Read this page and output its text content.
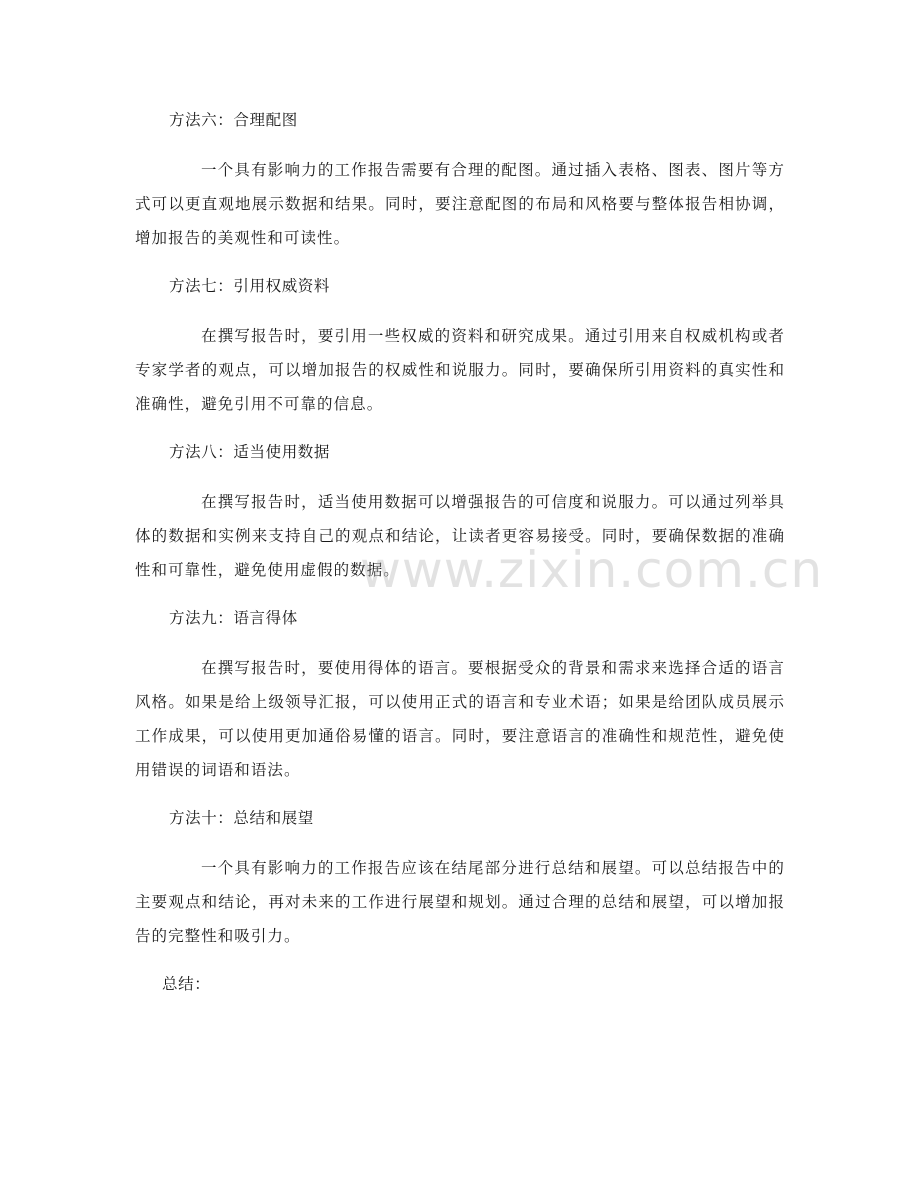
方法六：合理配图

一个具有影响力的工作报告需要有合理的配图。通过插入表格、图表、图片等方式可以更直观地展示数据和结果。同时，要注意配图的布局和风格要与整体报告相协调，增加报告的美观性和可读性。

方法七：引用权威资料

在撰写报告时，要引用一些权威的资料和研究成果。通过引用来自权威机构或者专家学者的观点，可以增加报告的权威性和说服力。同时，要确保所引用资料的真实性和准确性，避免引用不可靠的信息。

方法八：适当使用数据

在撰写报告时，适当使用数据可以增强报告的可信度和说服力。可以通过列举具体的数据和实例来支持自己的观点和结论，让读者更容易接受。同时，要确保数据的准确性和可靠性，避免使用虚假的数据。

方法九：语言得体

在撰写报告时，要使用得体的语言。要根据受众的背景和需求来选择合适的语言风格。如果是给上级领导汇报，可以使用正式的语言和专业术语；如果是给团队成员展示工作成果，可以使用更加通俗易懂的语言。同时，要注意语言的准确性和规范性，避免使用错误的词语和语法。

方法十：总结和展望

一个具有影响力的工作报告应该在结尾部分进行总结和展望。可以总结报告中的主要观点和结论，再对未来的工作进行展望和规划。通过合理的总结和展望，可以增加报告的完整性和吸引力。

总结：
www.zixin.com.cn
